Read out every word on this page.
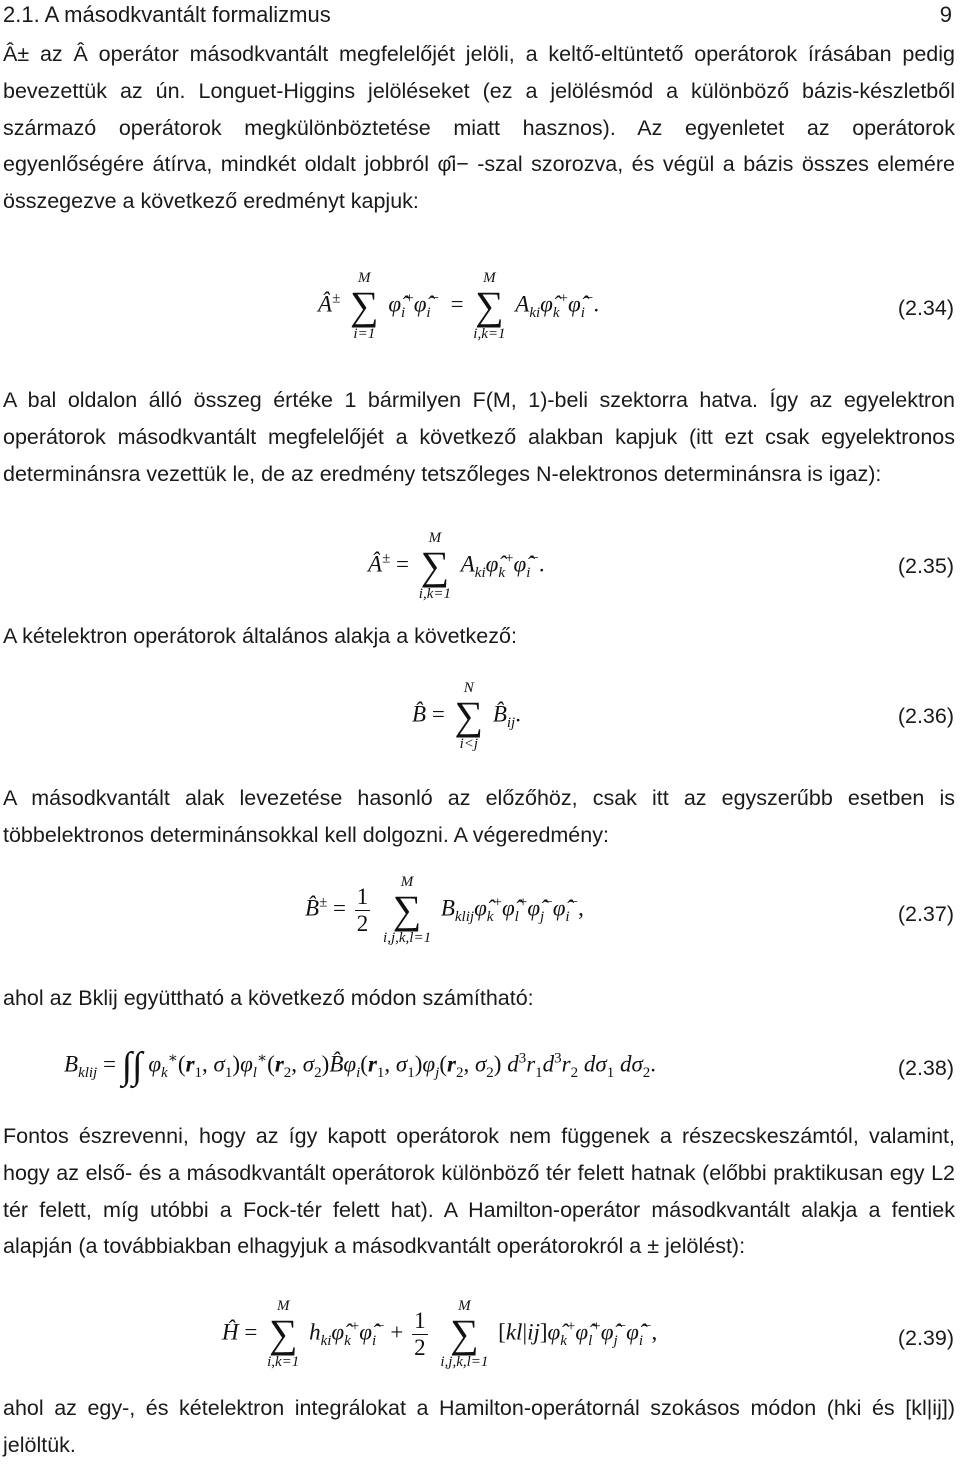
2.1. A másodkvantált formalizmus	9
Â± az Â operátor másodkvantált megfelelőjét jelöli, a keltő-eltüntető operátorok írásában pedig bevezettük az ún. Longuet-Higgins jelöléseket (ez a jelölésmód a különböző bázis-készletből származó operátorok megkülönböztetése miatt hasznos). Az egyenletet az operátorok egyenlőségére átírva, mindkét oldalt jobbról φ̂i− -szal szorozva, és végül a bázis összes elemére összegezve a következő eredményt kapjuk:
Â±
M
∑
i=1
$\varphî_i^+\varphî_i^-$  =
M
∑
i,k=1
$A_{ki}\varphî_k^+\varphî_i^-$.	(2.34)
A bal oldalon álló összeg értéke 1 bármilyen F(M, 1)-beli szektorra hatva. Így az egyelektron operátorok másodkvantált megfelelőjét a következő alakban kapjuk (itt ezt csak egyelektronos determinánsra vezettük le, de az eredmény tetszőleges N-elektronos determinánsra is igaz):
Â± =
M
∑
i,k=1
$A_{ki}\varphî_k^+\varphî_i^-$.	(2.35)
A kételektron operátorok általános alakja a következő:
B̂ =
N
∑
i<j
$B̂_{ij}$.	(2.36)
A másodkvantált alak levezetése hasonló az előzőhöz, csak itt az egyszerűbb esetben is többelektronos determinánsokkal kell dolgozni. A végeredmény:
B̂± = $\frac{1}{2}$

M
∑
i,j,k,l=1
$B_{klij}\varphî_k^+\varphî_l^+\varphî_j^-\varphî_i^-$,	(2.37)
ahol az Bklij együttható a következő módon számítható:
$B_{klij}$ = ∫∫ $\varphi_k^∗(r_1$, $\sigma_1)\varphi_l^∗(r_2$, $\sigma_2)B̂\varphi_i(r_1$, $\sigma_1)\varphi_j(r_2$, $\sigma_2$) $d^3r_1d^3r_2$ $d\sigma_1$ $d\sigma_2$.	(2.38)
Fontos észrevenni, hogy az így kapott operátorok nem függenek a részecskeszámtól, valamint, hogy az első- és a másodkvantált operátorok különböző tér felett hatnak (előbbi praktikusan egy L2 tér felett, míg utóbbi a Fock-tér felett hat). A Hamilton-operátor másodkvantált alakja a fentiek alapján (a továbbiakban elhagyjuk a másodkvantált operátorokról a ± jelölést):
Ĥ =
M
∑
i,k=1
$h_{ki}\varphî_k^+\varphî_i^- + \frac{1}{2}$

M
∑
i,j,k,l=1
$[kl|ij]\varphî_k^+\varphî_l^+\varphî_j^-\varphî_i^-$,	(2.39)
ahol az egy-, és kételektron integrálokat a Hamilton-operátornál szokásos módon (hki és [kl|ij]) jelöltük.
